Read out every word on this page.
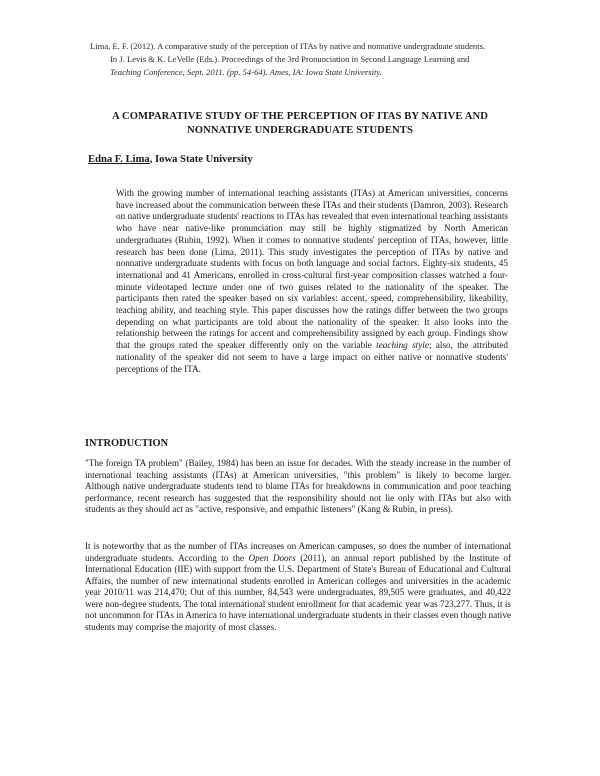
Lima, E. F. (2012). A comparative study of the perception of ITAs by native and nonnative undergraduate students.
In J. Levis & K. LeVelle (Eds.). Proceedings of the 3rd Pronunciation in Second Language Learning and
Teaching Conference, Sept. 2011. (pp. 54-64). Ames, IA: Iowa State University.
A COMPARATIVE STUDY OF THE PERCEPTION OF ITAS BY NATIVE AND
NONNATIVE UNDERGRADUATE STUDENTS
Edna F. Lima, Iowa State University

With the growing number of international teaching assistants (ITAs) at American universities, concerns have increased about the communication between these ITAs and their students (Damron, 2003). Research on native undergraduate students' reactions to ITAs has revealed that even international teaching assistants who have near native-like pronunciation may still be highly stigmatized by North American undergraduates (Rubin, 1992). When it comes to nonnative students' perception of ITAs, however, little research has been done (Lima, 2011). This study investigates the perception of ITAs by native and nonnative undergraduate students with focus on both language and social factors. Eighty-six students, 45 international and 41 Americans, enrolled in cross-cultural first-year composition classes watched a four-minute videotaped lecture under one of two guises related to the nationality of the speaker. The participants then rated the speaker based on six variables: accent, speed, comprehensibility, likeability, teaching ability, and teaching style. This paper discusses how the ratings differ between the two groups depending on what participants are told about the nationality of the speaker. It also looks into the relationship between the ratings for accent and comprehensibility assigned by each group. Findings show that the groups rated the speaker differently only on the variable teaching style; also, the attributed nationality of the speaker did not seem to have a large impact on either native or nonnative students' perceptions of the ITA.

INTRODUCTION

"The foreign TA problem" (Bailey, 1984) has been an issue for decades. With the steady increase in the number of international teaching assistants (ITAs) at American universities, "this problem" is likely to become larger. Although native undergraduate students tend to blame ITAs for breakdowns in communication and poor teaching performance, recent research has suggested that the responsibility should not lie only with ITAs but also with students as they should act as "active, responsive, and empathic listeners" (Kang & Rubin, in press).

It is noteworthy that as the number of ITAs increases on American campuses, so does the number of international undergraduate students. According to the Open Doors (2011), an annual report published by the Institute of International Education (IIE) with support from the U.S. Department of State's Bureau of Educational and Cultural Affairs, the number of new international students enrolled in American colleges and universities in the academic year 2010/11 was 214,470; Out of this number, 84,543 were undergraduates, 89,505 were graduates, and 40,422 were non-degree students. The total international student enrollment for that academic year was 723,277. Thus, it is not uncommon for ITAs in America to have international undergraduate students in their classes even though native students may comprise the majority of most classes.
